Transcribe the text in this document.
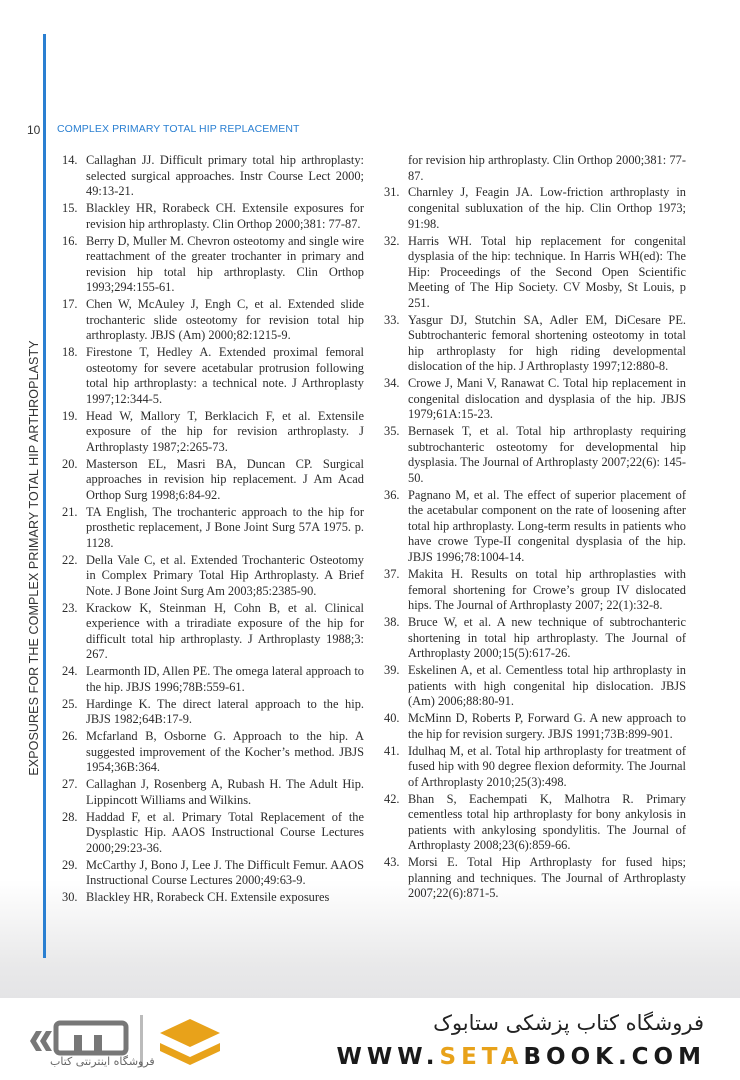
EXPOSURES FOR THE COMPLEX PRIMARY TOTAL HIP ARTHROPLASTY
10 COMPLEX PRIMARY TOTAL HIP REPLACEMENT
14. Callaghan JJ. Difficult primary total hip arthroplasty: selected surgical approaches. Instr Course Lect 2000; 49:13-21.
15. Blackley HR, Rorabeck CH. Extensile exposures for revision hip arthroplasty. Clin Orthop 2000;381: 77-87.
16. Berry D, Muller M. Chevron osteotomy and single wire reattachment of the greater trochanter in primary and revision hip total hip arthroplasty. Clin Orthop 1993;294:155-61.
17. Chen W, McAuley J, Engh C, et al. Extended slide trochanteric slide osteotomy for revision total hip arthroplasty. JBJS (Am) 2000;82:1215-9.
18. Firestone T, Hedley A. Extended proximal femoral osteotomy for severe acetabular protrusion following total hip arthroplasty: a technical note. J Arthroplasty 1997;12:344-5.
19. Head W, Mallory T, Berklacich F, et al. Extensile exposure of the hip for revision arthroplasty. J Arthroplasty 1987;2:265-73.
20. Masterson EL, Masri BA, Duncan CP. Surgical approaches in revision hip replacement. J Am Acad Orthop Surg 1998;6:84-92.
21. TA English, The trochanteric approach to the hip for prosthetic replacement, J Bone Joint Surg 57A 1975. p. 1128.
22. Della Vale C, et al. Extended Trochanteric Osteotomy in Complex Primary Total Hip Arthroplasty. A Brief Note. J Bone Joint Surg Am 2003;85:2385-90.
23. Krackow K, Steinman H, Cohn B, et al. Clinical experience with a triradiate exposure of the hip for difficult total hip arthroplasty. J Arthroplasty 1988;3: 267.
24. Learmonth ID, Allen PE. The omega lateral approach to the hip. JBJS 1996;78B:559-61.
25. Hardinge K. The direct lateral approach to the hip. JBJS 1982;64B:17-9.
26. Mcfarland B, Osborne G. Approach to the hip. A suggested improvement of the Kocher’s method. JBJS 1954;36B:364.
27. Callaghan J, Rosenberg A, Rubash H. The Adult Hip. Lippincott Williams and Wilkins.
28. Haddad F, et al. Primary Total Replacement of the Dysplastic Hip. AAOS Instructional Course Lectures 2000;29:23-36.
29. McCarthy J, Bono J, Lee J. The Difficult Femur. AAOS Instructional Course Lectures 2000;49:63-9.
30. Blackley HR, Rorabeck CH. Extensile exposures
for revision hip arthroplasty. Clin Orthop 2000;381: 77-87.
31. Charnley J, Feagin JA. Low-friction arthroplasty in congenital subluxation of the hip. Clin Orthop 1973; 91:98.
32. Harris WH. Total hip replacement for congenital dysplasia of the hip: technique. In Harris WH(ed): The Hip: Proceedings of the Second Open Scientific Meeting of The Hip Society. CV Mosby, St Louis, p 251.
33. Yasgur DJ, Stutchin SA, Adler EM, DiCesare PE. Subtrochanteric femoral shortening osteotomy in total hip arthroplasty for high riding developmental dislocation of the hip. J Arthroplasty 1997;12:880-8.
34. Crowe J, Mani V, Ranawat C. Total hip replacement in congenital dislocation and dysplasia of the hip. JBJS 1979;61A:15-23.
35. Bernasek T, et al. Total hip arthroplasty requiring subtrochanteric osteotomy for developmental hip dysplasia. The Journal of Arthroplasty 2007;22(6): 145-50.
36. Pagnano M, et al. The effect of superior placement of the acetabular component on the rate of loosening after total hip arthroplasty. Long-term results in patients who have crowe Type-II congenital dysplasia of the hip. JBJS 1996;78:1004-14.
37. Makita H. Results on total hip arthroplasties with femoral shortening for Crowe’s group IV dislocated hips. The Journal of Arthroplasty 2007; 22(1):32-8.
38. Bruce W, et al. A new technique of subtrochanteric shortening in total hip arthroplasty. The Journal of Arthroplasty 2000;15(5):617-26.
39. Eskelinen A, et al. Cementless total hip arthroplasty in patients with high congenital hip dislocation. JBJS (Am) 2006;88:80-91.
40. McMinn D, Roberts P, Forward G. A new approach to the hip for revision surgery. JBJS 1991;73B:899-901.
41. Idulhaq M, et al. Total hip arthroplasty for treatment of fused hip with 90 degree flexion deformity. The Journal of Arthroplasty 2010;25(3):498.
42. Bhan S, Eachempati K, Malhotra R. Primary cementless total hip arthroplasty for bony ankylosis in patients with ankylosing spondylitis. The Journal of Arthroplasty 2008;23(6):859-66.
43. Morsi E. Total Hip Arthroplasty for fused hips; planning and techniques. The Journal of Arthroplasty 2007;22(6):871-5.
فروشگاه اینترنتی کتاب
فروشگاه کتاب پزشکی ستابوک
WWW.SETABOOK.COM
